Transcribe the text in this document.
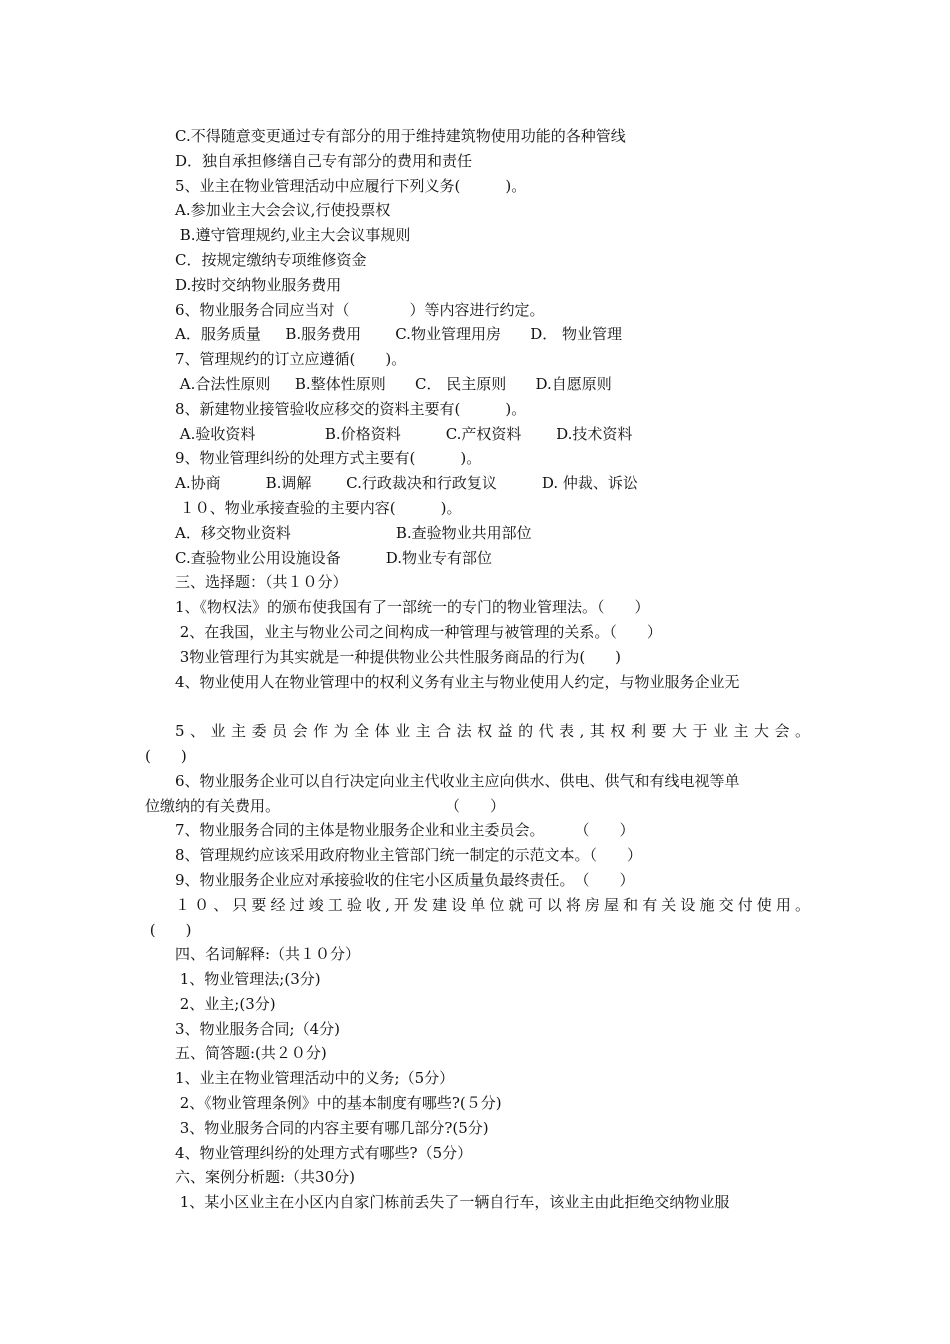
C.不得随意变更通过专有部分的用于维持建筑物使用功能的各种管线
D．独自承担修缮自己专有部分的费用和责任
5、业主在物业管理活动中应履行下列义务(　　　)。
A.参加业主大会会议,行使投票权
B.遵守管理规约,业主大会议事规则
C．按规定缴纳专项维修资金
D.按时交纳物业服务费用
6、物业服务合同应当对（　　　　）等内容进行约定。
A．服务质量　  B.服务费用　    C.物业管理用房　   D． 物业管理
7、管理规约的订立应遵循(　　)。
A.合法性原则　  B.整体性原则　   C． 民主原则　   D.自愿原则
8、新建物业接管验收应移交的资料主要有(　　　)。
A.验收资料　　　　  B.价格资料　　　C.产权资料　　 D.技术资料
9、物业管理纠纷的处理方式主要有(　　　)。
A.协商　　　B.调解　　 C.行政裁决和行政复议　　　D. 仲裁、诉讼
１０、物业承接查验的主要内容(　　　)。
A．移交物业资料　　　　　　　B.查验物业共用部位
C.查验物业公用设施设备　　　D.物业专有部位
三、选择题：（共１０分）
1、《物权法》的颁布使我国有了一部统一的专门的物业管理法。（　　）
2、在我国，业主与物业公司之间构成一种管理与被管理的关系。（　　）
3物业管理行为其实就是一种提供物业公共性服务商品的行为(　　)
4、物业使用人在物业管理中的权利义务有业主与物业使用人约定，与物业服务企业无

5、业主委员会作为全体业主合法权益的代表,其权利要大于业主大会。
(　　)
6、物业服务企业可以自行决定向业主代收业主应向供水、供电、供气和有线电视等单
位缴纳的有关费用。　　　　　　　　　　　　（　　）
7、物业服务合同的主体是物业服务企业和业主委员会。　　　（　　）
8、管理规约应该采用政府物业主管部门统一制定的示范文本。（　　）
9、物业服务企业应对承接验收的住宅小区质量负最终责任。　（　　）
１０、只要经过竣工验收,开发建设单位就可以将房屋和有关设施交付使用。
(　　)
四、名词解释:（共１０分）
1、物业管理法;(3分)
2、业主;(3分)
3、物业服务合同;（4分)
五、简答题:(共２０分)
1、业主在物业管理活动中的义务;（5分）
2、《物业管理条例》中的基本制度有哪些?(５分)
3、物业服务合同的内容主要有哪几部分?(5分)
4、物业管理纠纷的处理方式有哪些?（5分）
六、案例分析题:（共30分)
1、某小区业主在小区内自家门栋前丢失了一辆自行车，该业主由此拒绝交纳物业服
